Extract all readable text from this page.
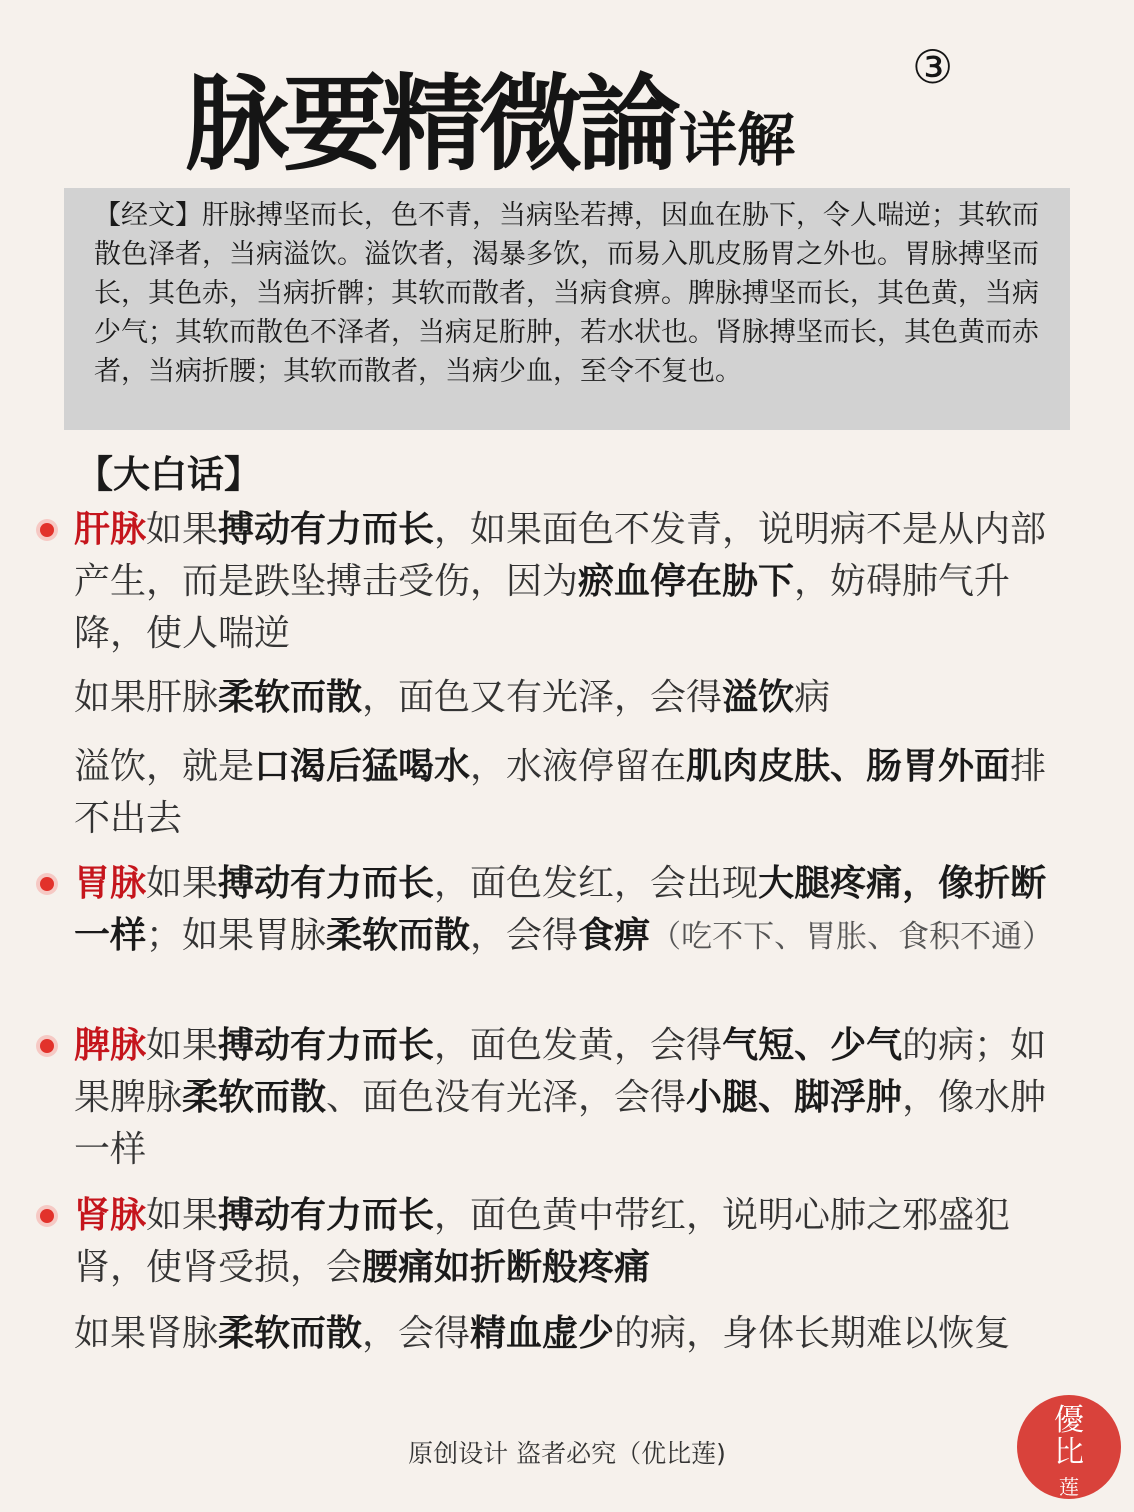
脉要精微論详解
③
【经文】肝脉搏坚而长，色不青，当病坠若搏，因血在胁下，令人喘逆；其软而散色泽者，当病溢饮。溢饮者，渴暴多饮，而易入肌皮肠胃之外也。胃脉搏坚而长，其色赤，当病折髀；其软而散者，当病食痹。脾脉搏坚而长，其色黄，当病少气；其软而散色不泽者，当病足胻肿，若水状也。肾脉搏坚而长，其色黄而赤者，当病折腰；其软而散者，当病少血，至令不复也。
【大白话】
肝脉如果搏动有力而长，如果面色不发青，说明病不是从内部产生，而是跌坠搏击受伤，因为瘀血停在胁下，妨碍肺气升降，使人喘逆
如果肝脉柔软而散，面色又有光泽，会得溢饮病
溢饮，就是口渴后猛喝水，水液停留在肌肉皮肤、肠胃外面排不出去
胃脉如果搏动有力而长，面色发红，会出现大腿疼痛，像折断一样；如果胃脉柔软而散，会得食痹（吃不下、胃胀、食积不通）
脾脉如果搏动有力而长，面色发黄，会得气短、少气的病；如果脾脉柔软而散、面色没有光泽，会得小腿、脚浮肿，像水肿一样
肾脉如果搏动有力而长，面色黄中带红，说明心肺之邪盛犯肾，使肾受损，会腰痛如折断般疼痛
如果肾脉柔软而散，会得精血虚少的病，身体长期难以恢复
原创设计 盗者必究（优比莲)
優
比
莲
